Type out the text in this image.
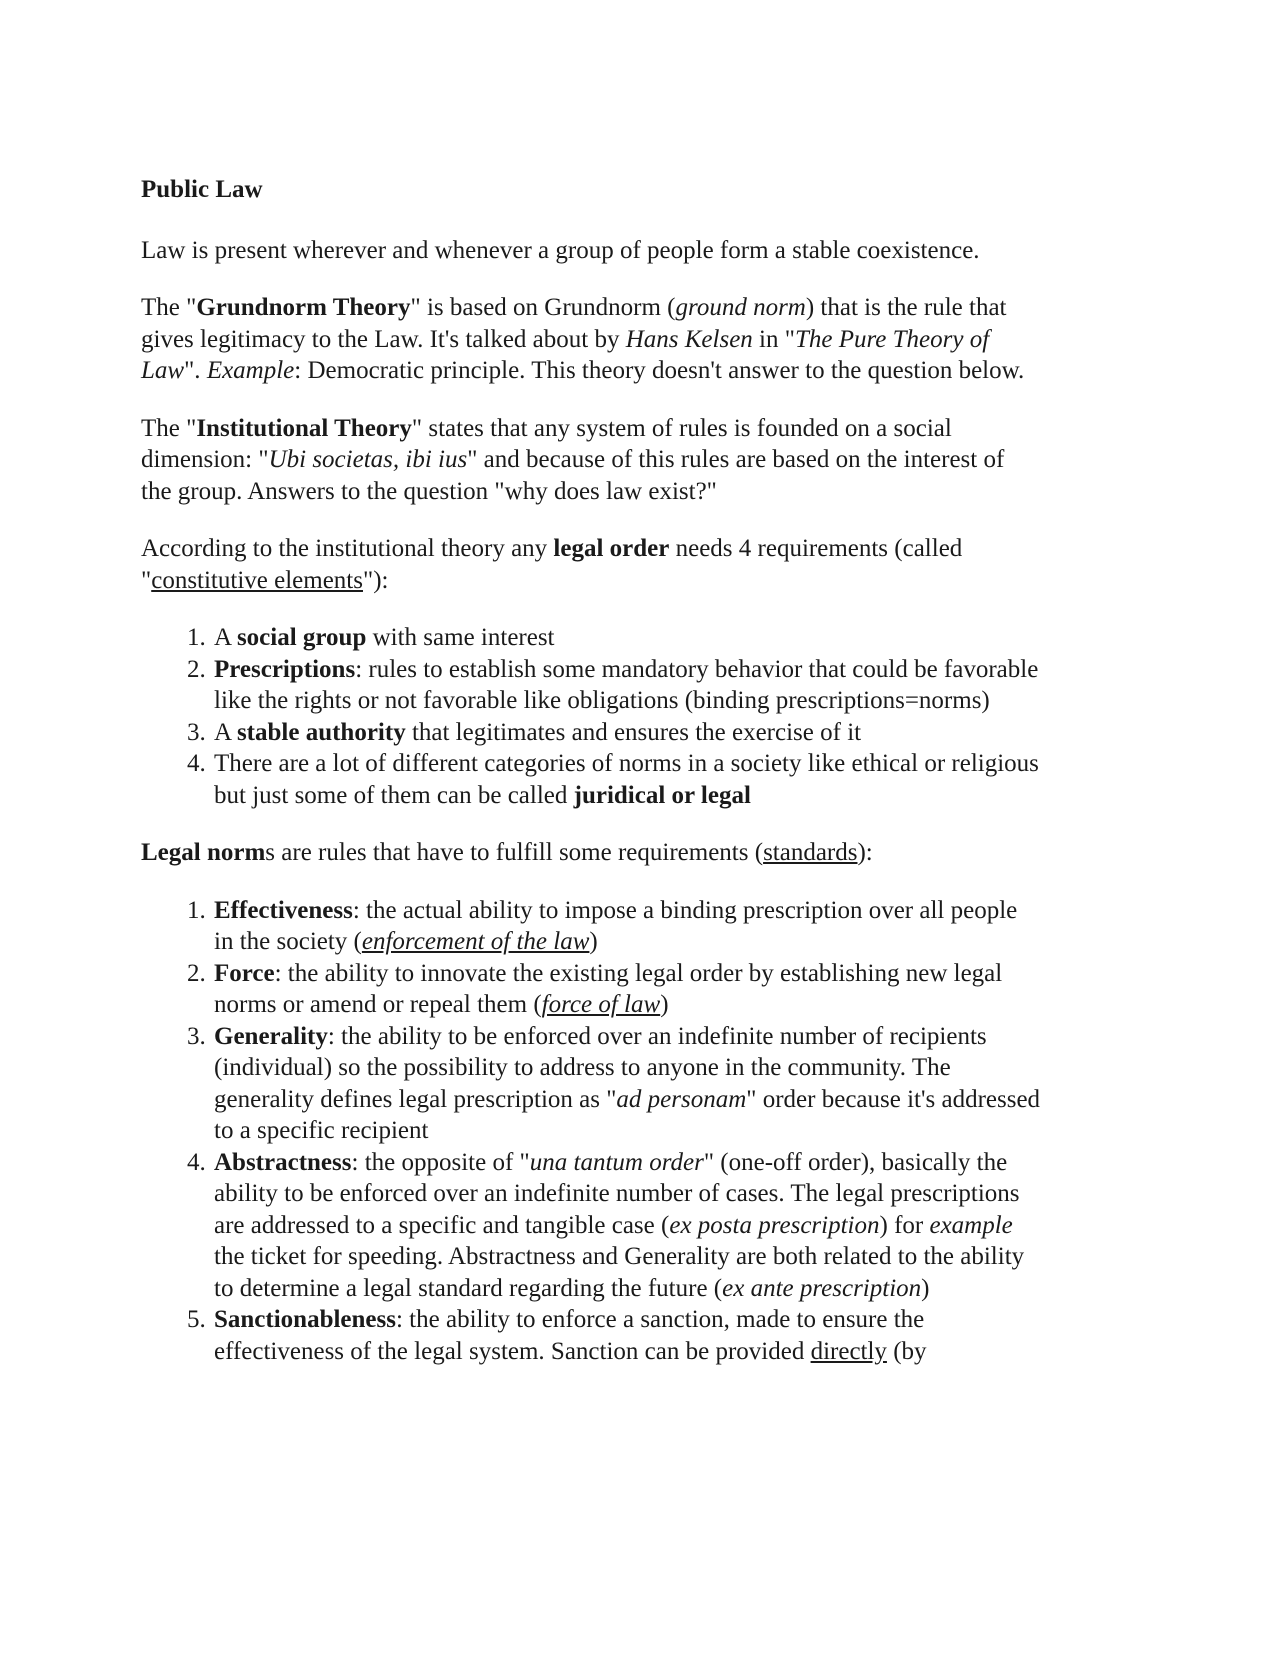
Public Law

Law is present wherever and whenever a group of people form a stable coexistence.

The "Grundnorm Theory" is based on Grundnorm (ground norm) that is the rule that gives legitimacy to the Law. It's talked about by Hans Kelsen in "The Pure Theory of Law". Example: Democratic principle. This theory doesn't answer to the question below.

The "Institutional Theory" states that any system of rules is founded on a social dimension: "Ubi societas, ibi ius" and because of this rules are based on the interest of the group. Answers to the question "why does law exist?"

According to the institutional theory any legal order needs 4 requirements (called "constitutive elements"):

1. A social group with same interest
2. Prescriptions: rules to establish some mandatory behavior that could be favorable like the rights or not favorable like obligations (binding prescriptions=norms)
3. A stable authority that legitimates and ensures the exercise of it
4. There are a lot of different categories of norms in a society like ethical or religious but just some of them can be called juridical or legal

Legal norms are rules that have to fulfill some requirements (standards):

1. Effectiveness: the actual ability to impose a binding prescription over all people in the society (enforcement of the law)
2. Force: the ability to innovate the existing legal order by establishing new legal norms or amend or repeal them (force of law)
3. Generality: the ability to be enforced over an indefinite number of recipients (individual) so the possibility to address to anyone in the community. The generality defines legal prescription as "ad personam" order because it's addressed to a specific recipient
4. Abstractness: the opposite of "una tantum order" (one-off order), basically the ability to be enforced over an indefinite number of cases. The legal prescriptions are addressed to a specific and tangible case (ex posta prescription) for example the ticket for speeding. Abstractness and Generality are both related to the ability to determine a legal standard regarding the future (ex ante prescription)
5. Sanctionableness: the ability to enforce a sanction, made to ensure the effectiveness of the legal system. Sanction can be provided directly (by
